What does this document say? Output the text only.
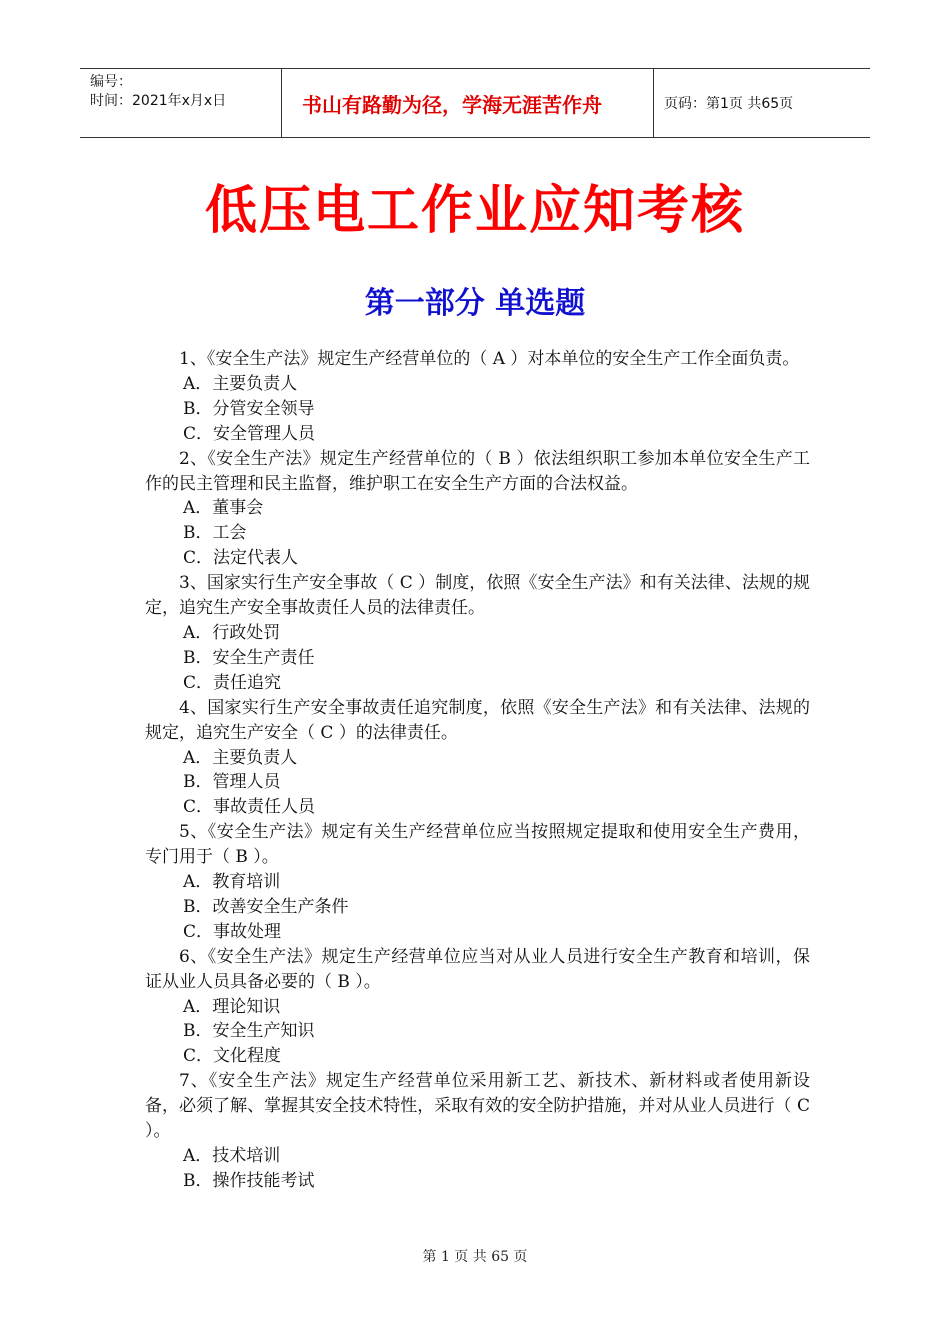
编号：
时间：2021年x月x日	书山有路勤为径，学海无涯苦作舟	页码：第1页 共65页
低压电工作业应知考核
第一部分 单选题

1、《安全生产法》规定生产经营单位的（ A ）对本单位的安全生产工作全面负责。

A．主要负责人

B．分管安全领导

C．安全管理人员

2、《安全生产法》规定生产经营单位的（ B ）依法组织职工参加本单位安全生产工作的民主管理和民主监督，维护职工在安全生产方面的合法权益。

A．董事会

B．工会

C．法定代表人

3、国家实行生产安全事故（ C ）制度，依照《安全生产法》和有关法律、法规的规定，追究生产安全事故责任人员的法律责任。

A．行政处罚

B．安全生产责任

C．责任追究

4、国家实行生产安全事故责任追究制度，依照《安全生产法》和有关法律、法规的规定，追究生产安全（ C ）的法律责任。

A．主要负责人

B．管理人员

C．事故责任人员

5、《安全生产法》规定有关生产经营单位应当按照规定提取和使用安全生产费用，专门用于（ B ）。

A．教育培训

B．改善安全生产条件

C．事故处理

6、《安全生产法》规定生产经营单位应当对从业人员进行安全生产教育和培训，保证从业人员具备必要的（ B ）。

A．理论知识

B．安全生产知识

C．文化程度

7、《安全生产法》规定生产经营单位采用新工艺、新技术、新材料或者使用新设备，必须了解、掌握其安全技术特性，采取有效的安全防护措施，并对从业人员进行（ C ）。

A．技术培训

B．操作技能考试

第 1 页 共 65 页
